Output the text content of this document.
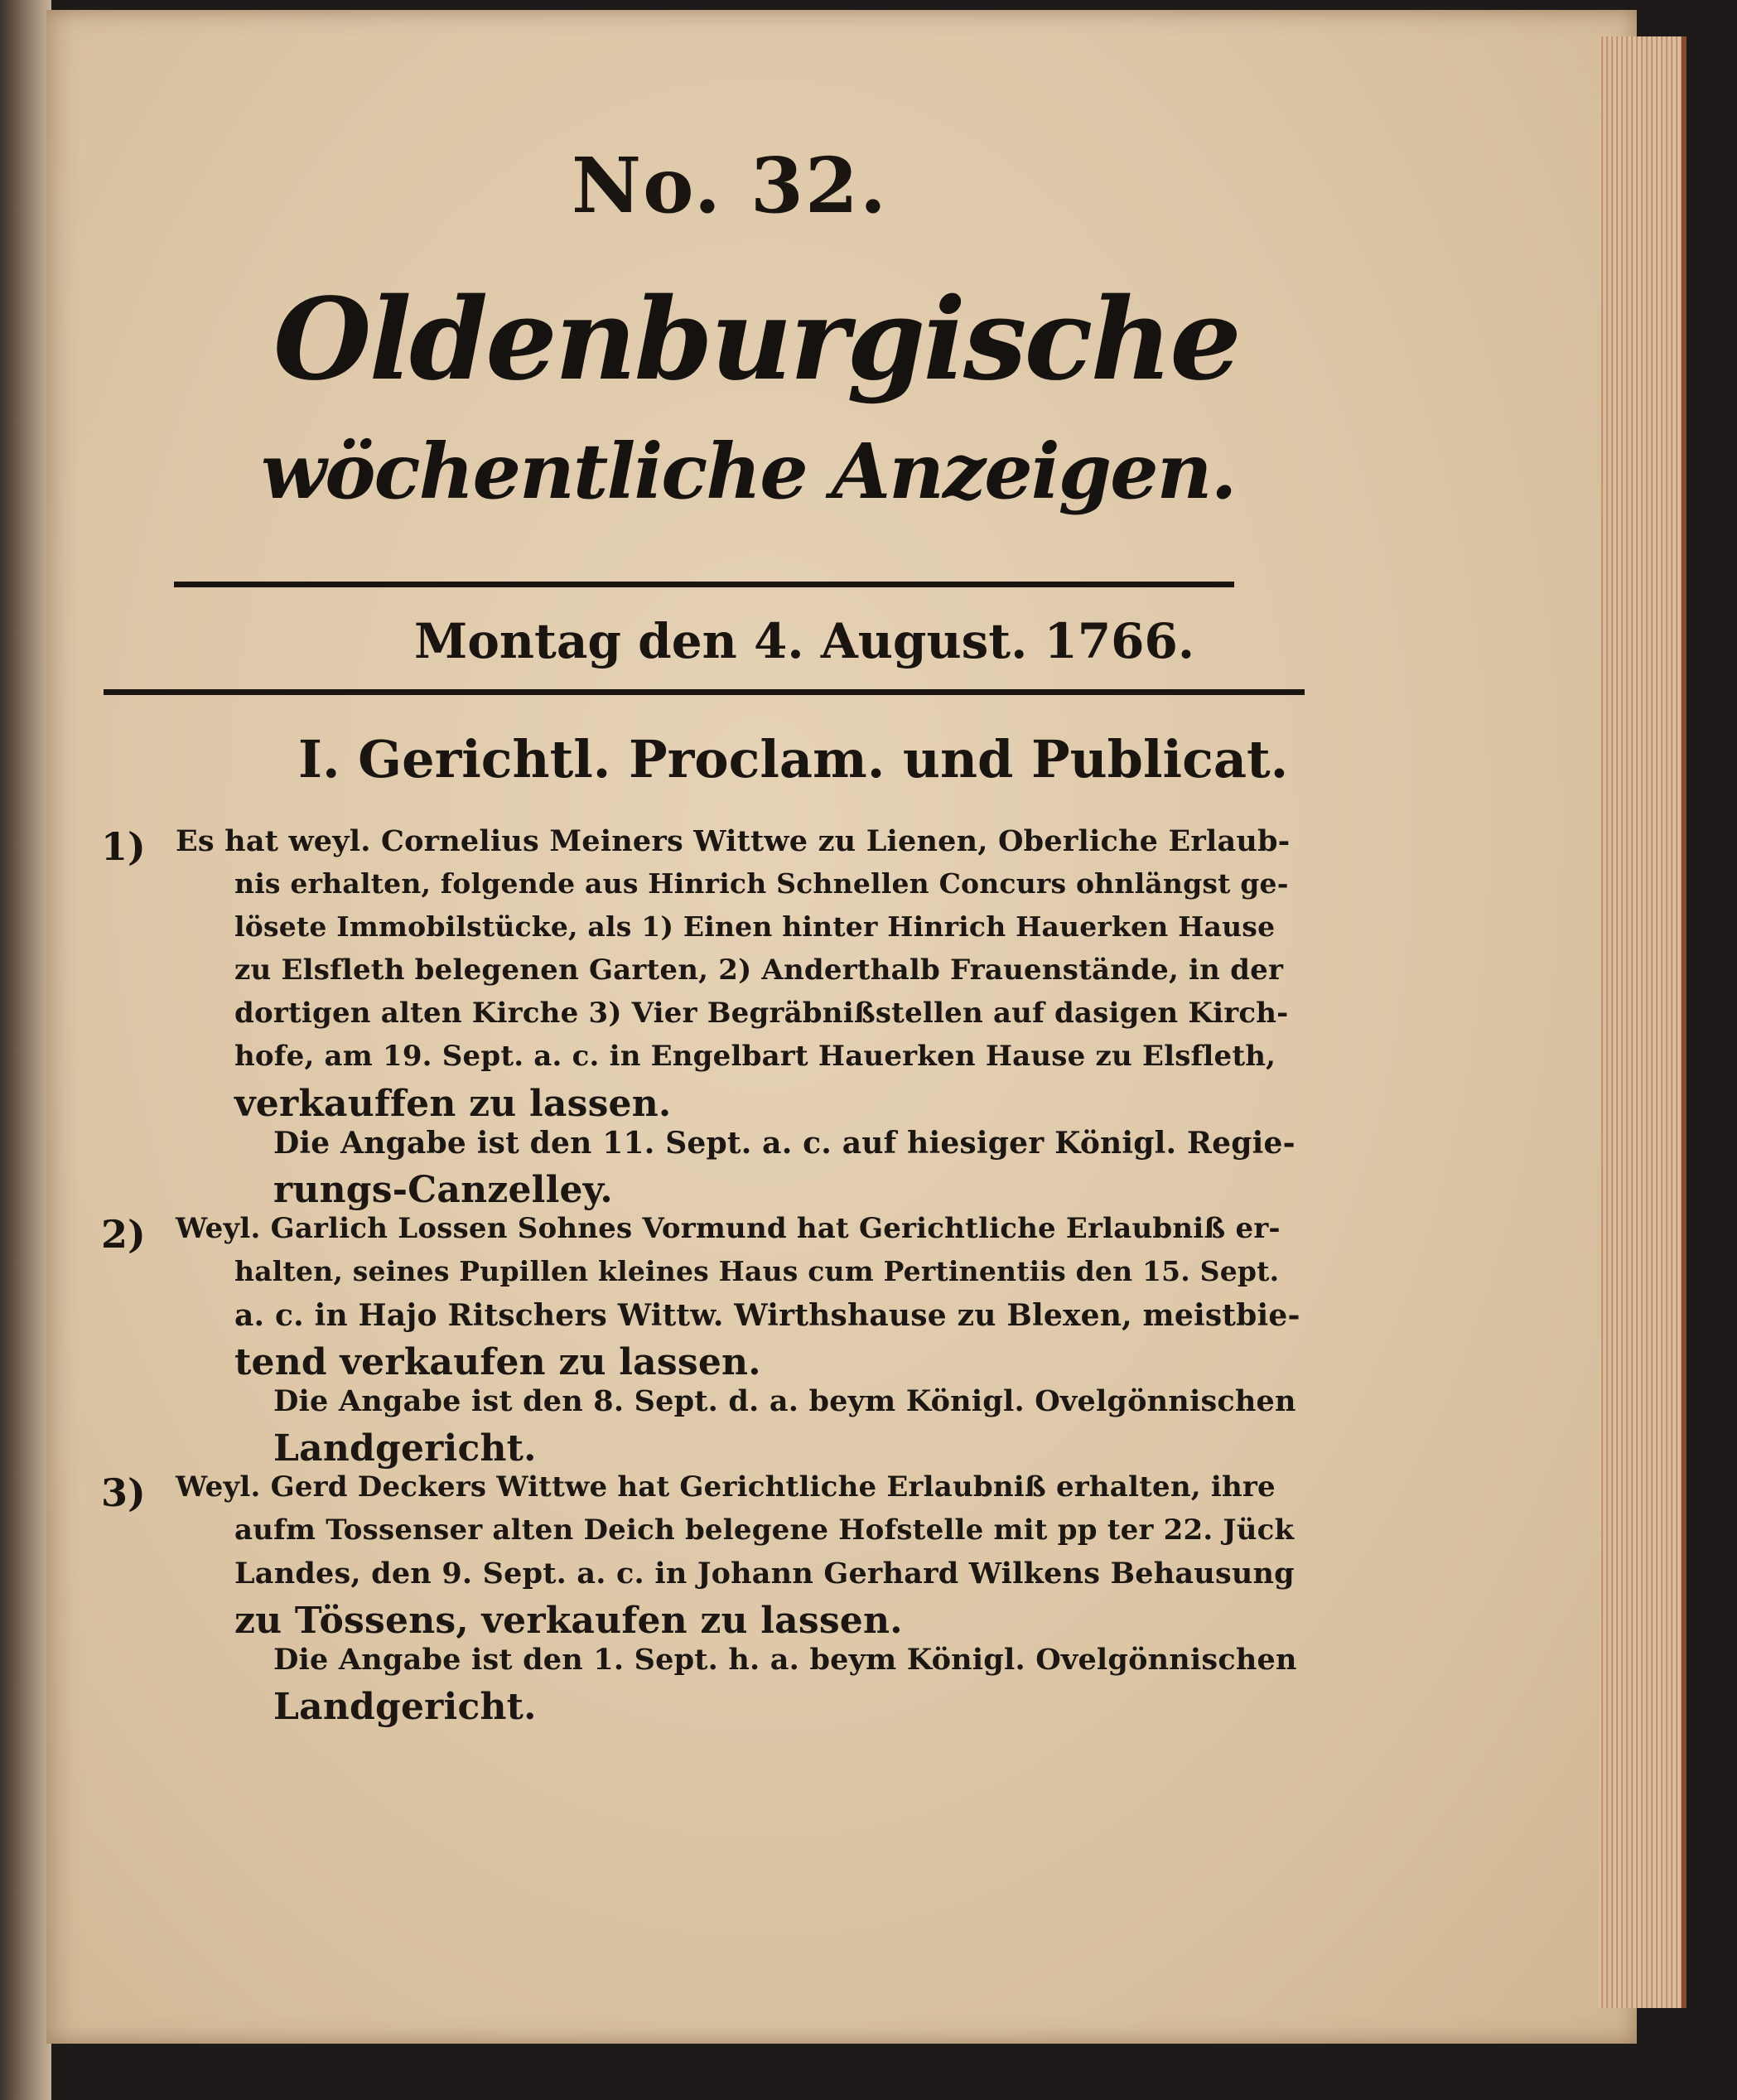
No. 32.
Oldenburgische
wöchentliche Anzeigen.
Montag den 4. August. 1766.
I. Gerichtl. Proclam. und Publicat.
1) Es hat weyl. Cornelius Meiners Wittwe zu Lienen, Oberliche Erlaub-
nis erhalten, folgende aus Hinrich Schnellen Concurs ohnlängst ge-
lösete Immobilstücke, als 1) Einen hinter Hinrich Hauerken Hause
zu Elsfleth belegenen Garten, 2) Anderthalb Frauenstände, in der
dortigen alten Kirche 3) Vier Begräbnißstellen auf dasigen Kirch-
hofe, am 19. Sept. a. c. in Engelbart Hauerken Hause zu Elsfleth,
verkauffen zu lassen.
Die Angabe ist den 11. Sept. a. c. auf hiesiger Königl. Regie-
rungs-Canzelley.
2) Weyl. Garlich Lossen Sohnes Vormund hat Gerichtliche Erlaubniß er-
halten, seines Pupillen kleines Haus cum Pertinentiis den 15. Sept.
a. c. in Hajo Ritschers Wittw. Wirthshause zu Blexen, meistbie-
tend verkaufen zu lassen.
Die Angabe ist den 8. Sept. d. a. beym Königl. Ovelgönnischen
Landgericht.
3) Weyl. Gerd Deckers Wittwe hat Gerichtliche Erlaubniß erhalten, ihre
aufm Tossenser alten Deich belegene Hofstelle mit pp ter 22. Jück
Landes, den 9. Sept. a. c. in Johann Gerhard Wilkens Behausung
zu Tössens, verkaufen zu lassen.
Die Angabe ist den 1. Sept. h. a. beym Königl. Ovelgönnischen
Landgericht.
